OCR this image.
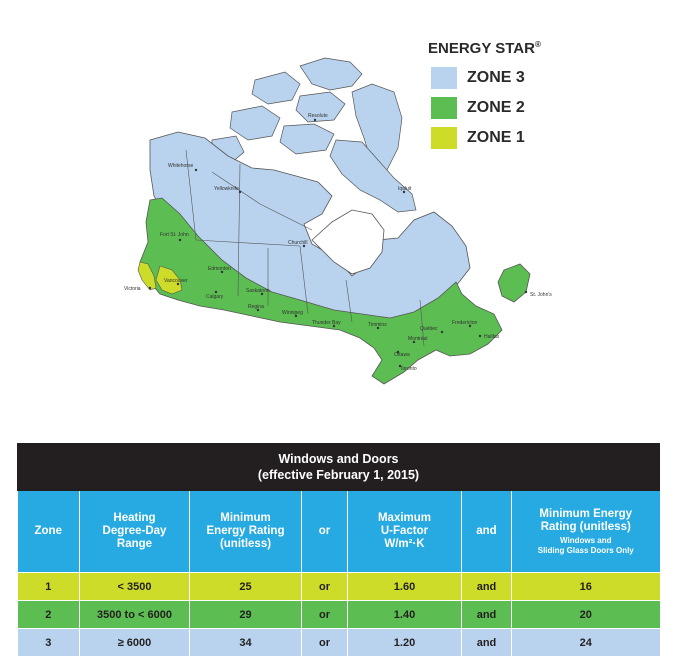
Resolute
Whitehorse
Yellowknife	Iqaluit
Fort St. John
Churchill
Edmonton
Saskatoon
Calgary
Regina
Vancouver
Victoria
Winnipeg
Thunder Bay	Timmins
Québec
Fredericton
Halifax
Montréal
Ottawa
Toronto
St. John's
ENERGY STAR®
ZONE 3
ZONE 2
ZONE 1
Windows and Doors
(effective February 1, 2015)						
Zone	Heating
Degree-Day
Range	Minimum
Energy Rating
(unitless)	or	Maximum
U-Factor
W/m²·K	and	Minimum Energy
Rating (unitless)
Windows and
Sliding Glass Doors Only

1	< 3500	25	or	1.60	and	16
2	3500 to < 6000	29	or	1.40	and	20
3	≥ 6000	34	or	1.20	and	24
